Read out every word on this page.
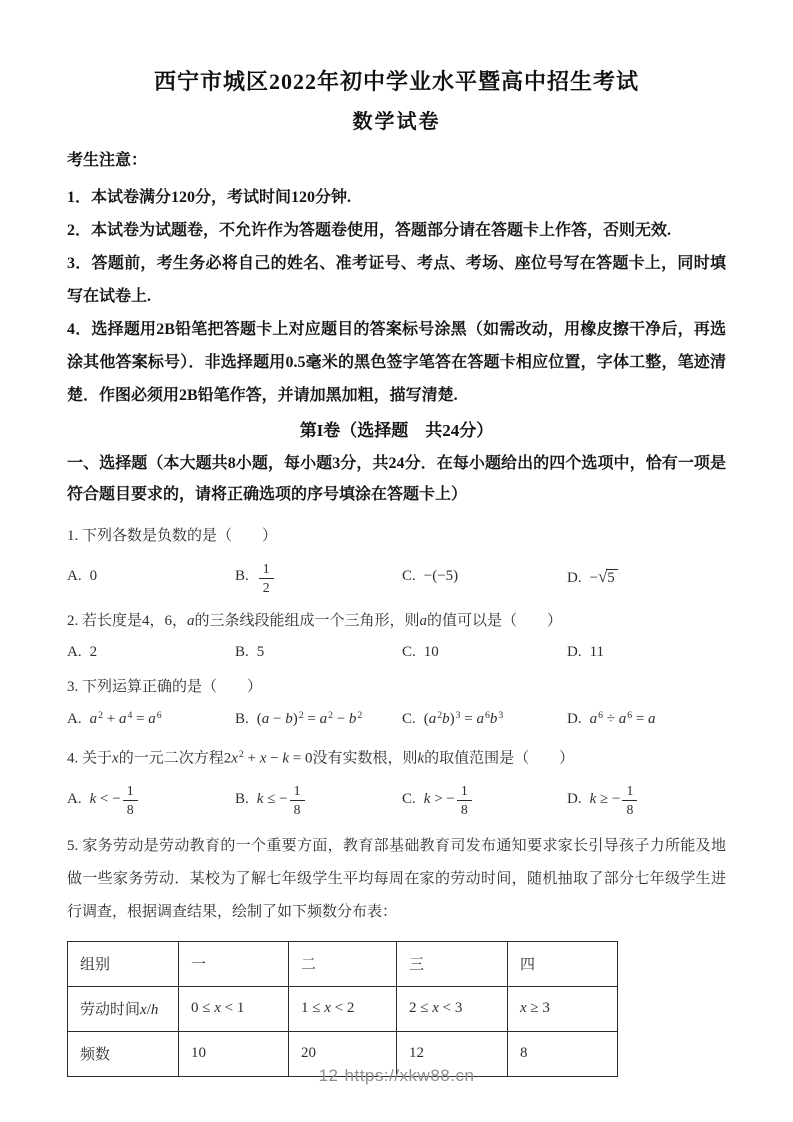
西宁市城区2022年初中学业水平暨高中招生考试
数学试卷

考生注意：

1．本试卷满分120分，考试时间120分钟.

2．本试卷为试题卷，不允许作为答题卷使用，答题部分请在答题卡上作答，否则无效.

3．答题前，考生务必将自己的姓名、准考证号、考点、考场、座位号写在答题卡上，同时填写在试卷上.

4．选择题用2B铅笔把答题卡上对应题目的答案标号涂黑（如需改动，用橡皮擦干净后，再选涂其他答案标号）．非选择题用0.5毫米的黑色签字笔答在答题卡相应位置，字体工整，笔迹清楚．作图必须用2B铅笔作答，并请加黑加粗，描写清楚.

第I卷（选择题　共24分）

一、选择题（本大题共8小题，每小题3分，共24分．在每小题给出的四个选项中，恰有一项是符合题目要求的，请将正确选项的序号填涂在答题卡上）

1. 下列各数是负数的是（　　）
A. 0	B. $\frac{1}{2}$	C. −(−5)	D. −√5
2. 若长度是4，6，a的三条线段能组成一个三角形，则a的值可以是（　　）
A. 2	B. 5	C. 10	D. 11
3. 下列运算正确的是（　　）
A. $a^2 + a^4 = a^6$	B. $(a - b)^2 = a^2 - b^2$	C. $(a^2b)^3 = a^6b^3$	D. $a^6 \div a^6 = a$
4. 关于x的一元二次方程$2x^2 + x - k = 0$没有实数根，则k的取值范围是（　　）
A. k < − $\frac{1}{8}$	B. k ≤ − $\frac{1}{8}$	C. k > − $\frac{1}{8}$	D. k ≥ − $\frac{1}{8}$
5. 家务劳动是劳动教育的一个重要方面，教育部基础教育司发布通知要求家长引导孩子力所能及地做一些家务劳动．某校为了解七年级学生平均每周在家的劳动时间，随机抽取了部分七年级学生进行调查，根据调查结果，绘制了如下频数分布表：
组别	一	二	三	四
劳动时间x/h	0 ≤ x < 1	1 ≤ x < 2	2 ≤ x < 3	x ≥ 3
频数	10	20	12	8
12 https://xkw88.cn
